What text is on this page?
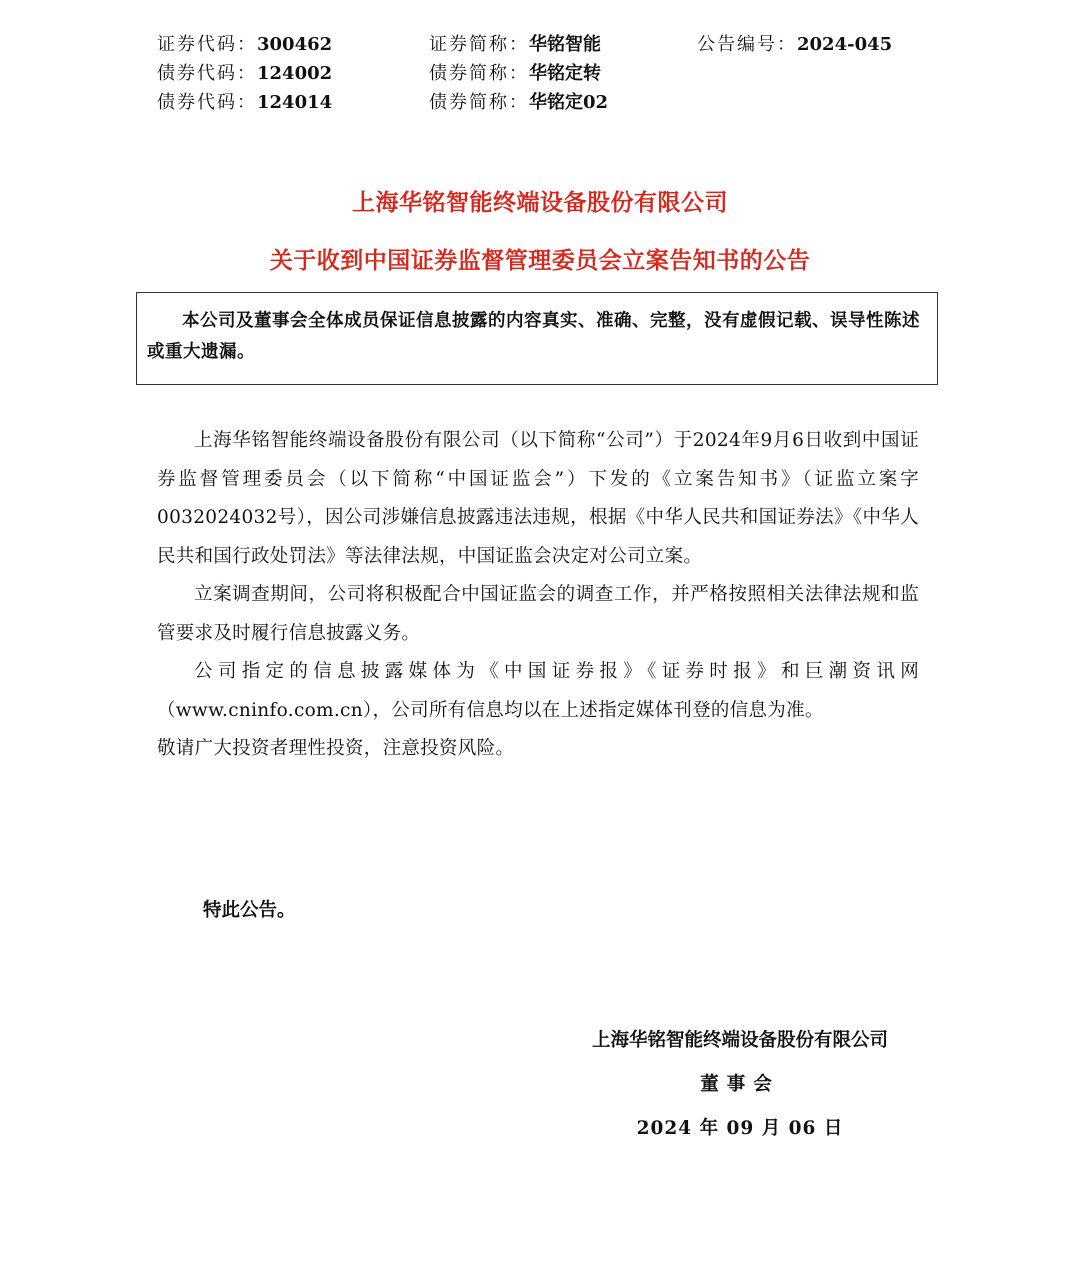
证券代码：300462	证券简称：华铭智能	公告编号：2024-045
债券代码：124002	债券简称：华铭定转
债券代码：124014	债券简称：华铭定02
上海华铭智能终端设备股份有限公司
关于收到中国证券监督管理委员会立案告知书的公告

本公司及董事会全体成员保证信息披露的内容真实、准确、完整，没有虚假记载、误导性陈述或重大遗漏。

上海华铭智能终端设备股份有限公司（以下简称“公司”）于2024年9月6日收到中国证券监督管理委员会（以下简称“中国证监会”）下发的《立案告知书》（证监立案字0032024032号），因公司涉嫌信息披露违法违规，根据《中华人民共和国证券法》《中华人民共和国行政处罚法》等法律法规，中国证监会决定对公司立案。

立案调查期间，公司将积极配合中国证监会的调查工作，并严格按照相关法律法规和监管要求及时履行信息披露义务。

公司指定的信息披露媒体为《中国证券报》《证券时报》和巨潮资讯网（www.cninfo.com.cn），公司所有信息均以在上述指定媒体刊登的信息为准。

敬请广大投资者理性投资，注意投资风险。

特此公告。
上海华铭智能终端设备股份有限公司
董事会
2024 年 09 月 06 日
